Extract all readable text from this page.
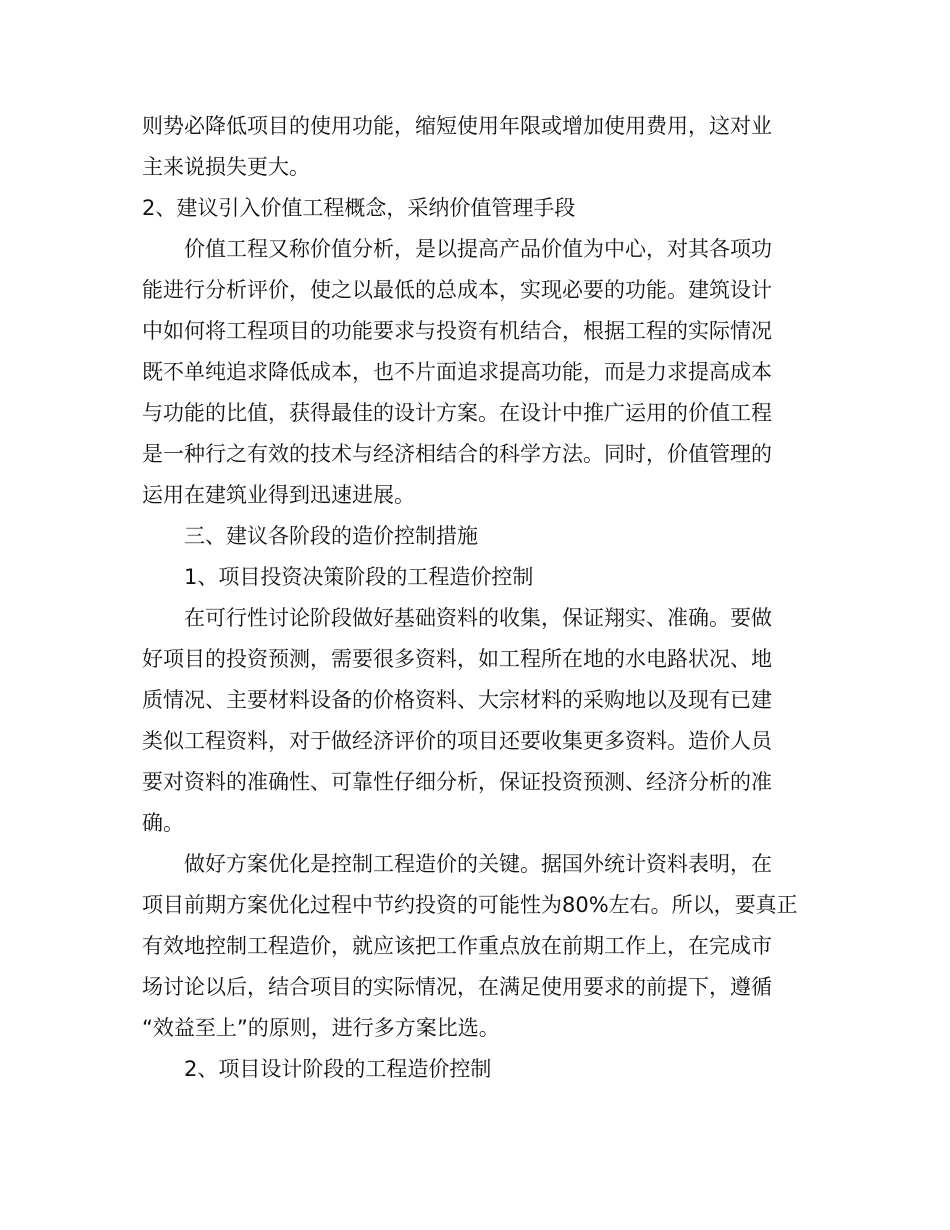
则势必降低项目的使用功能，缩短使用年限或增加使用费用，这对业
主来说损失更大。
2、建议引入价值工程概念，采纳价值管理手段
价值工程又称价值分析，是以提高产品价值为中心，对其各项功
能进行分析评价，使之以最低的总成本，实现必要的功能。建筑设计
中如何将工程项目的功能要求与投资有机结合，根据工程的实际情况
既不单纯追求降低成本，也不片面追求提高功能，而是力求提高成本
与功能的比值，获得最佳的设计方案。在设计中推广运用的价值工程
是一种行之有效的技术与经济相结合的科学方法。同时，价值管理的
运用在建筑业得到迅速进展。
三、建议各阶段的造价控制措施
1、项目投资决策阶段的工程造价控制
在可行性讨论阶段做好基础资料的收集，保证翔实、准确。要做
好项目的投资预测，需要很多资料，如工程所在地的水电路状况、地
质情况、主要材料设备的价格资料、大宗材料的采购地以及现有已建
类似工程资料，对于做经济评价的项目还要收集更多资料。造价人员
要对资料的准确性、可靠性仔细分析，保证投资预测、经济分析的准
确。
做好方案优化是控制工程造价的关键。据国外统计资料表明，在
项目前期方案优化过程中节约投资的可能性为80%左右。所以，要真正
有效地控制工程造价，就应该把工作重点放在前期工作上，在完成市
场讨论以后，结合项目的实际情况，在满足使用要求的前提下，遵循
“效益至上”的原则，进行多方案比选。
2、项目设计阶段的工程造价控制
